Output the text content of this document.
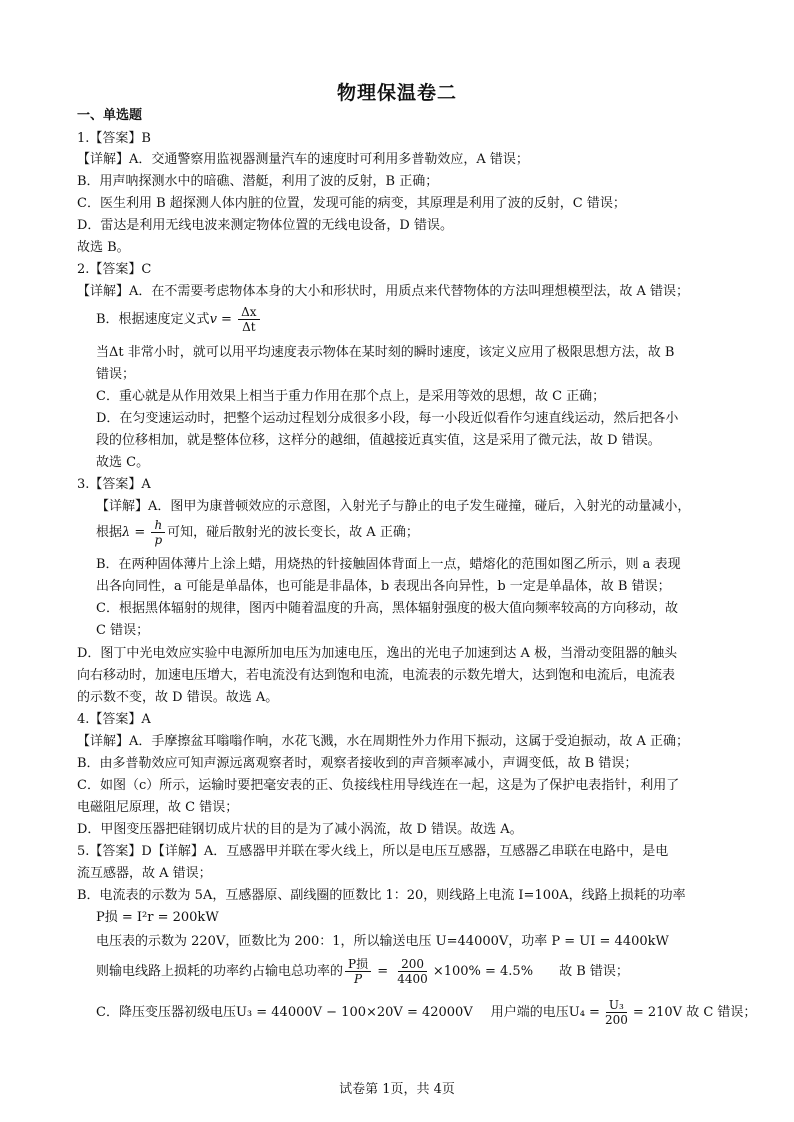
物理保温卷二
一、单选题
1.【答案】B
【详解】A．交通警察用监视器测量汽车的速度时可利用多普勒效应，A 错误；
B．用声呐探测水中的暗礁、潜艇，利用了波的反射，B 正确；
C．医生利用 B 超探测人体内脏的位置，发现可能的病变，其原理是利用了波的反射，C 错误；
D．雷达是利用无线电波来测定物体位置的无线电设备，D 错误。
故选 B。
2.【答案】C
【详解】A．在不需要考虑物体本身的大小和形状时，用质点来代替物体的方法叫理想模型法，故 A 错误；
B．根据速度定义式$v = \frac{\Delta x}{\Delta t}$
当Δt 非常小时，就可以用平均速度表示物体在某时刻的瞬时速度，该定义应用了极限思想方法，故 B
错误；
C．重心就是从作用效果上相当于重力作用在那个点上，是采用等效的思想，故 C 正确；
D．在匀变速运动时，把整个运动过程划分成很多小段，每一小段近似看作匀速直线运动，然后把各小
段的位移相加，就是整体位移，这样分的越细，值越接近真实值，这是采用了微元法，故 D 错误。
故选 C。
3.【答案】A
【详解】A．图甲为康普顿效应的示意图，入射光子与静止的电子发生碰撞，碰后，入射光的动量减小，
根据$\lambda = \frac{h}{p}$ 可知，碰后散射光的波长变长，故 A 正确；
B．在两种固体薄片上涂上蜡，用烧热的针接触固体背面上一点，蜡熔化的范围如图乙所示，则 a 表现
出各向同性，a 可能是单晶体，也可能是非晶体，b 表现出各向异性，b 一定是单晶体，故 B 错误；
C．根据黑体辐射的规律，图丙中随着温度的升高，黑体辐射强度的极大值向频率较高的方向移动，故
C 错误；
D．图丁中光电效应实验中电源所加电压为加速电压，逸出的光电子加速到达 A 极，当滑动变阻器的触头
向右移动时，加速电压增大，若电流没有达到饱和电流，电流表的示数先增大，达到饱和电流后，电流表
的示数不变，故 D 错误。故选 A。
4.【答案】A
【详解】A．手摩擦盆耳嗡嗡作响，水花飞溅，水在周期性外力作用下振动，这属于受迫振动，故 A 正确；
B．由多普勒效应可知声源远离观察者时，观察者接收到的声音频率减小，声调变低，故 B 错误；
C．如图（c）所示，运输时要把毫安表的正、负接线柱用导线连在一起，这是为了保护电表指针，利用了
电磁阻尼原理，故 C 错误；
D．甲图变压器把硅钢切成片状的目的是为了减小涡流，故 D 错误。故选 A。
5.【答案】D【详解】A．互感器甲并联在零火线上，所以是电压互感器，互感器乙串联在电路中，是电
流互感器，故 A 错误；
B．电流表的示数为 5A，互感器原、副线圈的匝数比 1：20，则线路上电流 I=100A，线路上损耗的功率
P损 = I²r = 200kW
电压表的示数为 220V，匝数比为 200：1，所以输送电压 U=44000V，功率 P = UI = 4400kW
则输电线路上损耗的功率约占输电总功率的 $\frac{\text{P损}}{P} = \frac{200}{4400} \times 100\% = 4.5\%$ 故 B 错误；
C．降压变压器初级电压U₃ = 44000V − 100×20V = 42000V 用户端的电压$U_4 = \frac{\text{U₃}}{200} = 210V$ 故 C 错误；
试卷第 1页，共 4页
